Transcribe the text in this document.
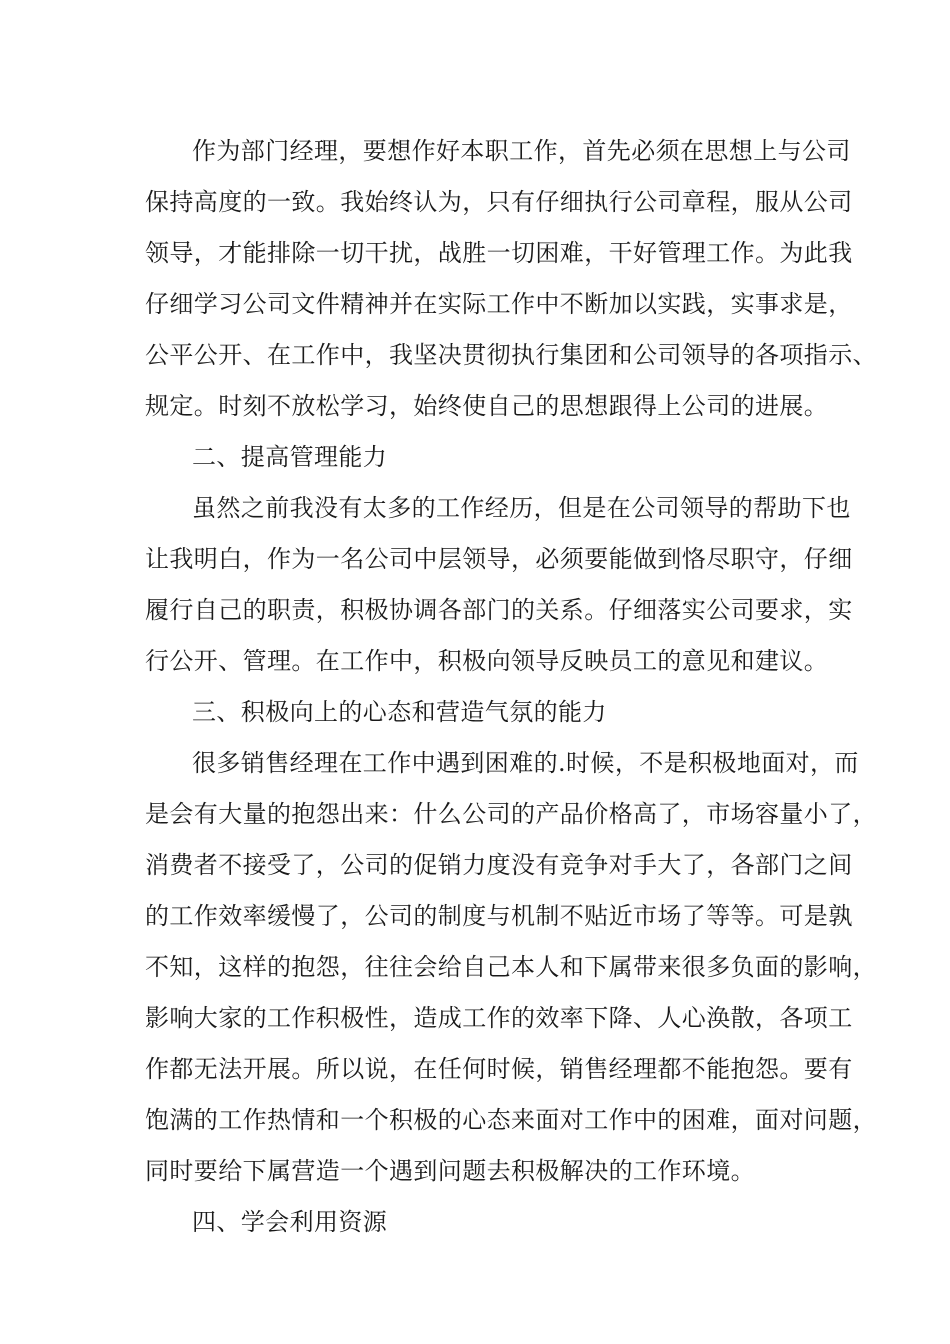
作为部门经理，要想作好本职工作，首先必须在思想上与公司
保持高度的一致。我始终认为，只有仔细执行公司章程，服从公司
领导，才能排除一切干扰，战胜一切困难，干好管理工作。为此我
仔细学习公司文件精神并在实际工作中不断加以实践，实事求是，
公平公开、在工作中，我坚决贯彻执行集团和公司领导的各项指示、
规定。时刻不放松学习，始终使自己的思想跟得上公司的进展。
二、提高管理能力
虽然之前我没有太多的工作经历，但是在公司领导的帮助下也
让我明白，作为一名公司中层领导，必须要能做到恪尽职守，仔细
履行自己的职责，积极协调各部门的关系。仔细落实公司要求，实
行公开、管理。在工作中，积极向领导反映员工的意见和建议。
三、积极向上的心态和营造气氛的能力
很多销售经理在工作中遇到困难的.时候，不是积极地面对，而
是会有大量的抱怨出来：什么公司的产品价格高了，市场容量小了，
消费者不接受了，公司的促销力度没有竞争对手大了，各部门之间
的工作效率缓慢了，公司的制度与机制不贴近市场了等等。可是孰
不知，这样的抱怨，往往会给自己本人和下属带来很多负面的影响，
影响大家的工作积极性，造成工作的效率下降、人心涣散，各项工
作都无法开展。所以说，在任何时候，销售经理都不能抱怨。要有
饱满的工作热情和一个积极的心态来面对工作中的困难，面对问题，
同时要给下属营造一个遇到问题去积极解决的工作环境。
四、学会利用资源
